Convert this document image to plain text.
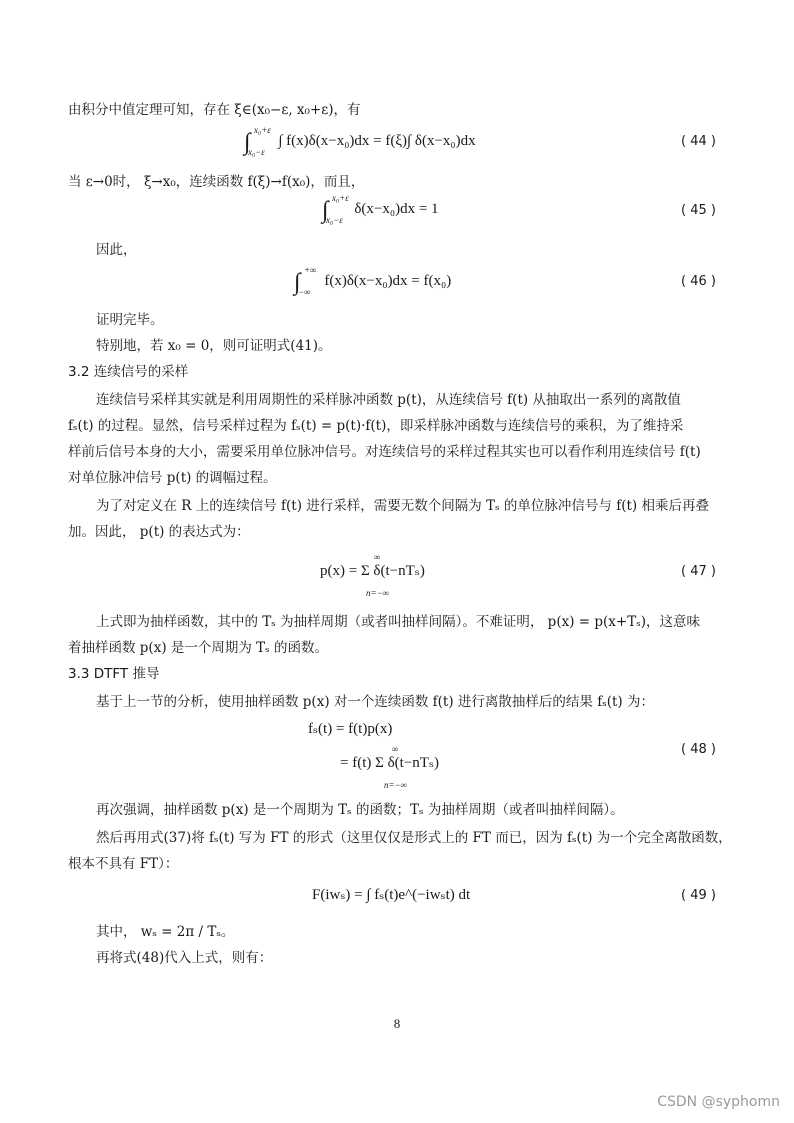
由积分中值定理可知，存在 ξ∈(x₀−ε, x₀+ε)，有
∫ x₀+ε
x₀−ε
∫ f(x)δ(x−x₀)dx = f(ξ)∫ δ(x−x₀)dx	( 44 )
当 ε→0时， ξ→x₀，连续函数 f(ξ)→f(x₀)，而且，
∫ x₀+ε
x₀−ε
δ(x−x₀)dx = 1	( 45 )
因此，
∫ +∞
−∞
f(x)δ(x−x₀)dx = f(x₀)	( 46 )
证明完毕。
特别地，若 x₀ = 0，则可证明式(41)。
3.2 连续信号的采样
连续信号采样其实就是利用周期性的采样脉冲函数 p(t)，从连续信号 f(t) 从抽取出一系列的离散值
fₛ(t) 的过程。显然，信号采样过程为 fₛ(t) = p(t)·f(t)，即采样脉冲函数与连续信号的乘积，为了维持采
样前后信号本身的大小，需要采用单位脉冲信号。对连续信号的采样过程其实也可以看作利用连续信号 f(t)
对单位脉冲信号 p(t) 的调幅过程。
为了对定义在 R 上的连续信号 f(t) 进行采样，需要无数个间隔为 Tₛ 的单位脉冲信号与 f(t) 相乘后再叠
加。因此， p(t) 的表达式为：
p(x) = Σ δ(t−nTₛ)
∞
n=−∞
( 47 )
上式即为抽样函数，其中的 Tₛ 为抽样周期（或者叫抽样间隔）。不难证明， p(x) = p(x+Tₛ)，这意味
着抽样函数 p(x) 是一个周期为 Tₛ 的函数。
3.3 DTFT 推导
基于上一节的分析，使用抽样函数 p(x) 对一个连续函数 f(t) 进行离散抽样后的结果 fₛ(t) 为：
fₛ(t) = f(t)p(x)
= f(t) Σ δ(t−nTₛ)
∞
n=−∞
( 48 )
再次强调，抽样函数 p(x) 是一个周期为 Tₛ 的函数；Tₛ 为抽样周期（或者叫抽样间隔）。
然后再用式(37)将 fₛ(t) 写为 FT 的形式（这里仅仅是形式上的 FT 而已，因为 fₛ(t) 为一个完全离散函数，
根本不具有 FT）：
F(iwₛ) = ∫ fₛ(t)e^(−iwₛt) dt	( 49 )
其中， wₛ = 2π / Tₛ。
再将式(48)代入上式，则有：
8
CSDN @syphomn
